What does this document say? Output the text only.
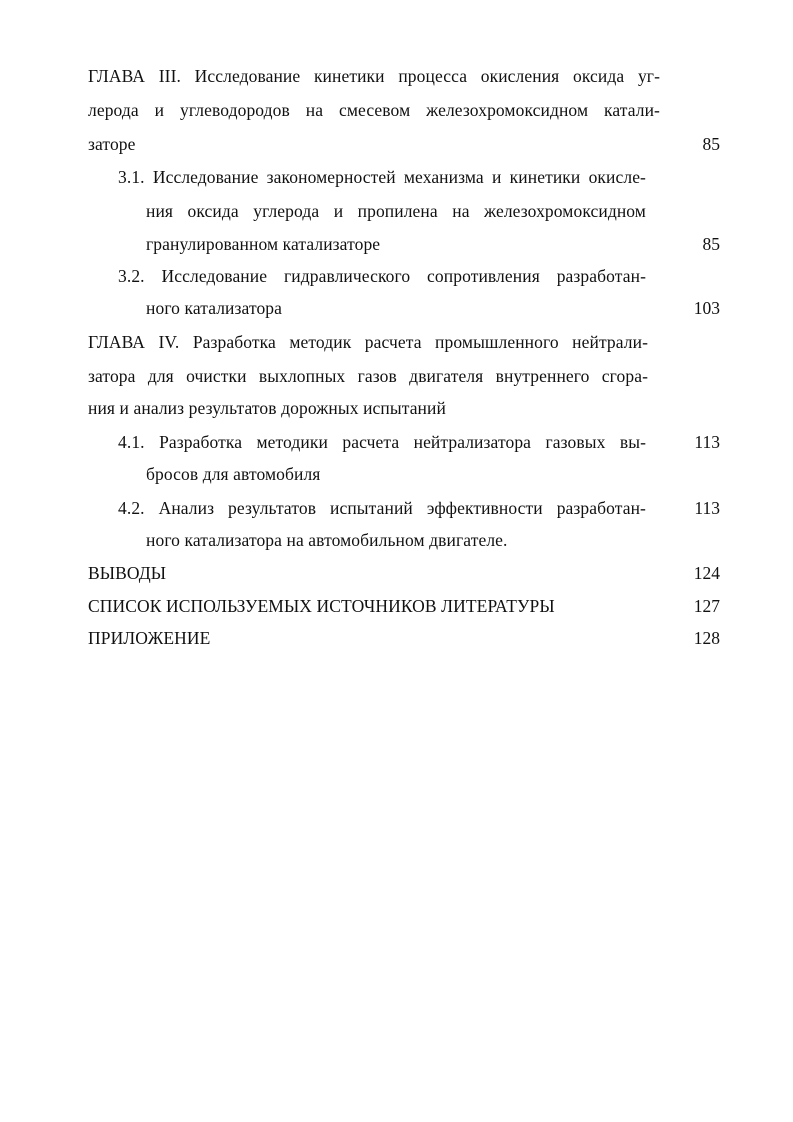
ГЛАВА III. Исследование кинетики процесса окисления оксида уг-
лерода и углеводородов на смесевом железохромоксидном катали-
заторе	85
3.1. Исследование закономерностей механизма и кинетики окисле-
ния оксида углерода и пропилена на железохромоксидном
гранулированном катализаторе	85
3.2. Исследование гидравлического сопротивления разработан-
ного катализатора	103
ГЛАВА IV. Разработка методик расчета промышленного нейтрали-
затора для очистки выхлопных газов двигателя внутреннего сгора-
ния и анализ результатов дорожных испытаний
4.1. Разработка методики расчета нейтрализатора газовых вы-	113
бросов для автомобиля
4.2. Анализ результатов испытаний эффективности разработан-	113
ного катализатора на автомобильном двигателе.
ВЫВОДЫ	124
СПИСОК ИСПОЛЬЗУЕМЫХ ИСТОЧНИКОВ ЛИТЕРАТУРЫ	127
ПРИЛОЖЕНИЕ	128
